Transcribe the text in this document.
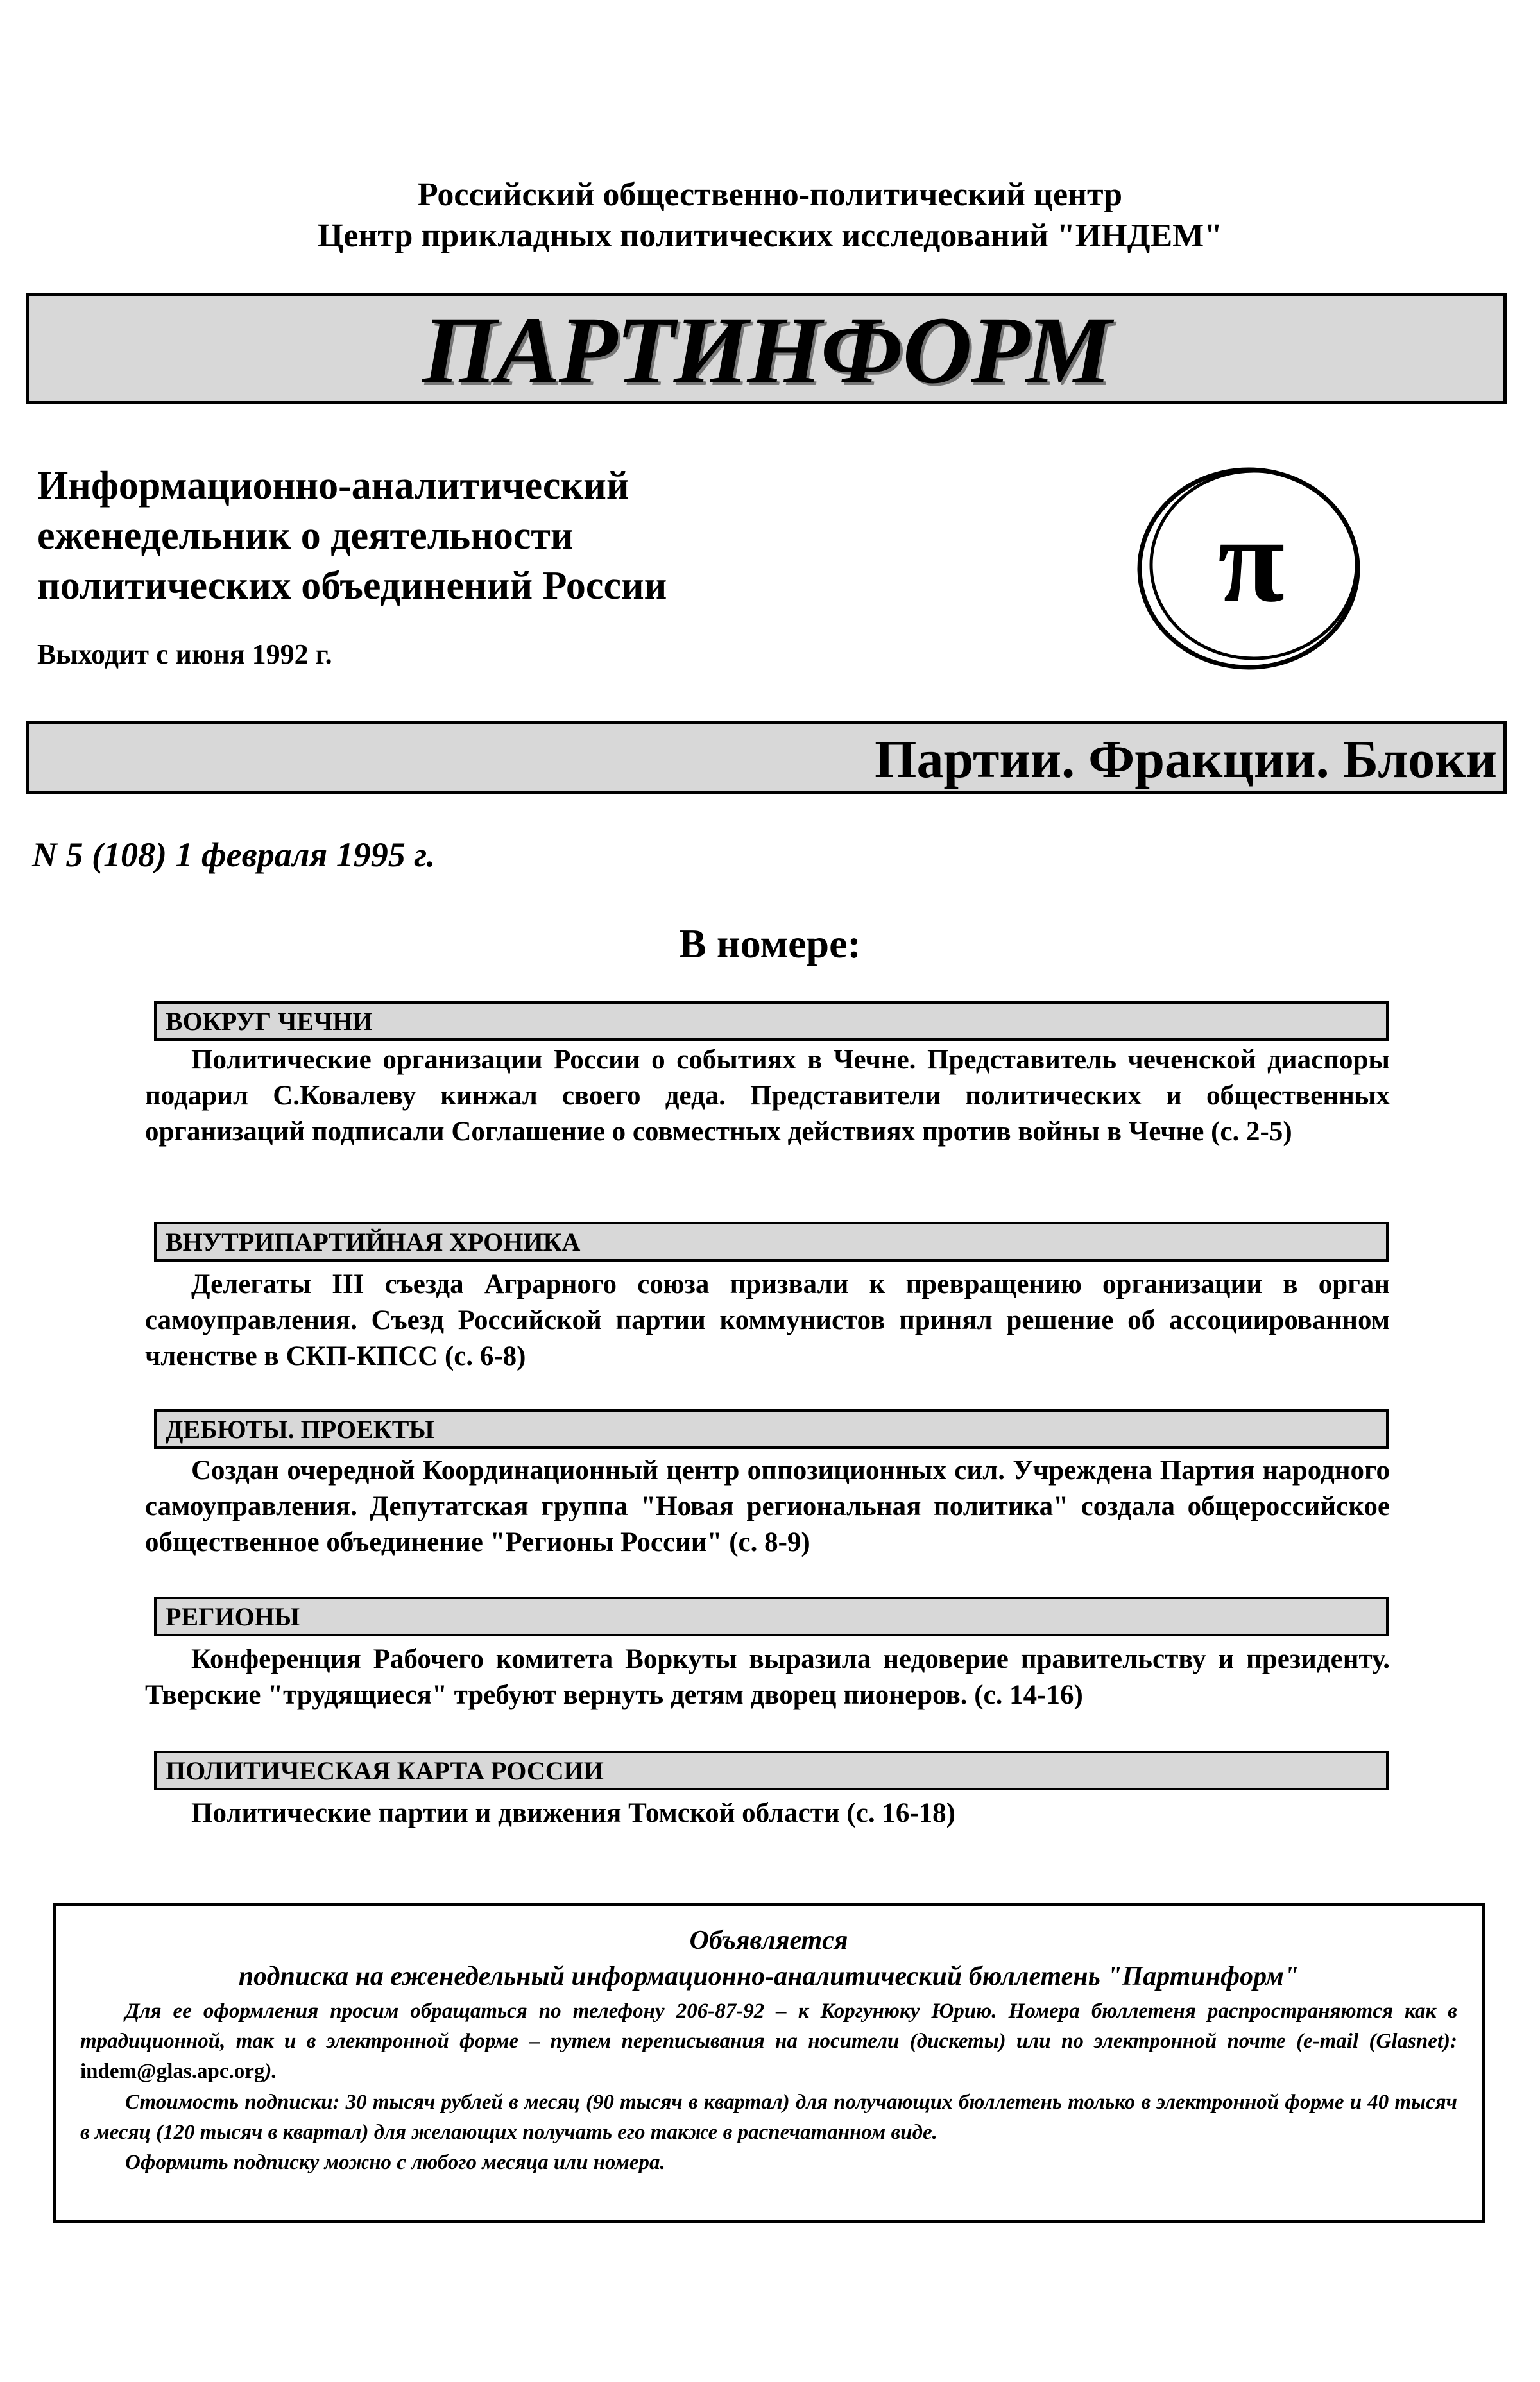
Российский общественно-политический центр
Центр прикладных политических исследований "ИНДЕМ"
ПАРТИНФОРМ
Информационно-аналитический
еженедельник о деятельности
политических объединений России
Выходит с июня 1992 г.
π
Партии. Фракции. Блоки
N 5 (108) 1 февраля 1995 г.
В номере:
ВОКРУГ ЧЕЧНИ
Политические организации России о событиях в Чечне. Представитель чеченской диаспоры подарил С.Ковалеву кинжал своего деда. Представители политических и общественных организаций подписали Соглашение о совместных действиях против войны в Чечне (с. 2-5)
ВНУТРИПАРТИЙНАЯ ХРОНИКА
Делегаты III съезда Аграрного союза призвали к превращению организации в орган самоуправления. Съезд Российской партии коммунистов принял решение об ассоциированном членстве в СКП-КПСС (с. 6-8)
ДЕБЮТЫ. ПРОЕКТЫ
Создан очередной Координационный центр оппозиционных сил. Учреждена Партия народного самоуправления. Депутатская группа "Новая региональная политика" создала общероссийское общественное объединение "Регионы России" (с. 8-9)
РЕГИОНЫ
Конференция Рабочего комитета Воркуты выразила недоверие правительству и президенту. Тверские "трудящиеся" требуют вернуть детям дворец пионеров. (с. 14-16)
ПОЛИТИЧЕСКАЯ КАРТА РОССИИ
Политические партии и движения Томской области (с. 16-18)
Объявляется
подписка на еженедельный информационно-аналитический бюллетень "Партинформ"
Для ее оформления просим обращаться по телефону 206-87-92 – к Коргунюку Юрию. Номера бюллетеня распространяются как в традиционной, так и в электронной форме – путем переписывания на носители (дискеты) или по электронной почте (e-mail (Glasnet): indem@glas.apc.org).
Стоимость подписки: 30 тысяч рублей в месяц (90 тысяч в квартал) для получающих бюллетень только в электронной форме и 40 тысяч в месяц (120 тысяч в квартал) для желающих получать его также в распечатанном виде.
Оформить подписку можно с любого месяца или номера.
